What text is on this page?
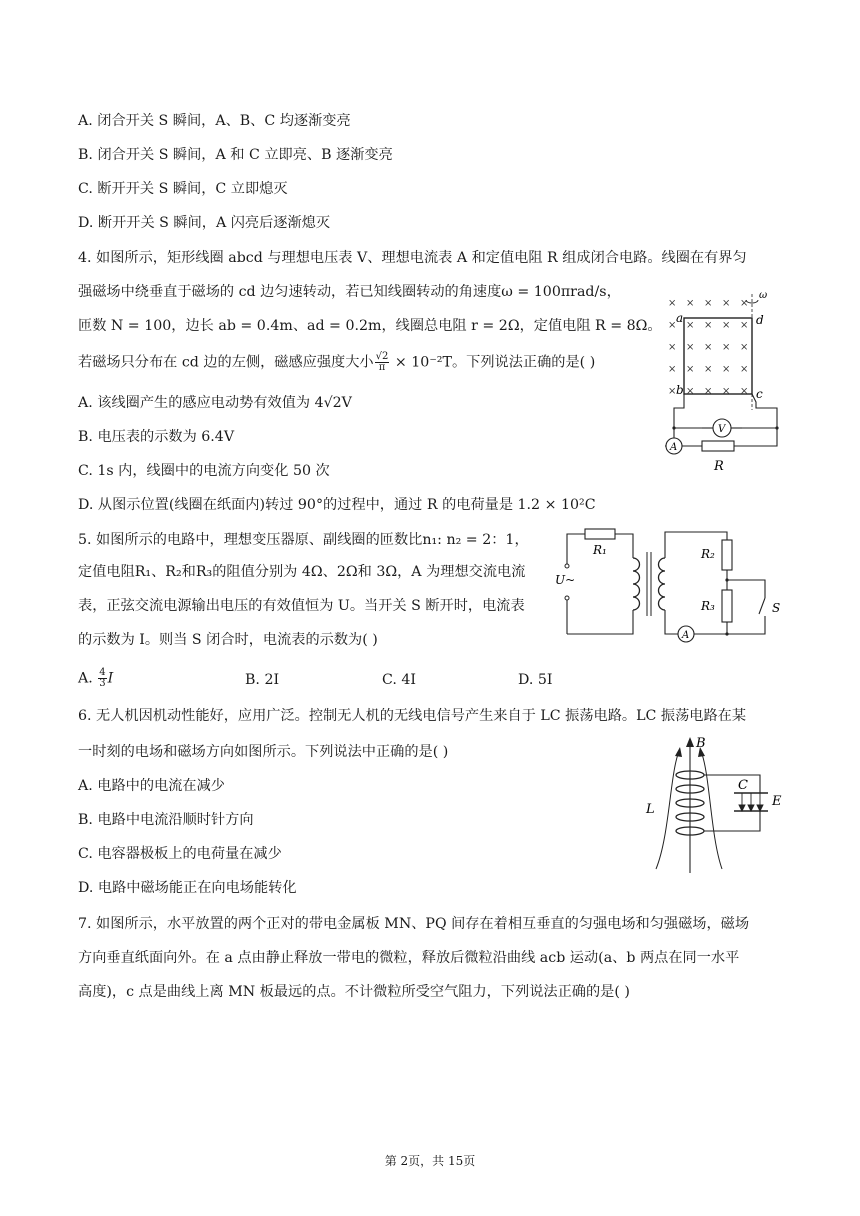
A. 闭合开关 S 瞬间，A、B、C 均逐渐变亮
B. 闭合开关 S 瞬间，A 和 C 立即亮、B 逐渐变亮
C. 断开开关 S 瞬间，C 立即熄灭
D. 断开开关 S 瞬间，A 闪亮后逐渐熄灭
4. 如图所示，矩形线圈 abcd 与理想电压表 V、理想电流表 A 和定值电阻 R 组成闭合电路。线圈在有界匀
强磁场中绕垂直于磁场的 cd 边匀速转动，若已知线圈转动的角速度ω = 100πrad/s，
匝数 N = 100，边长 ab = 0.4m、ad = 0.2m，线圈总电阻 r = 2Ω，定值电阻 R = 8Ω。
若磁场只分布在 cd 边的左侧，磁感应强度大小 $\frac{√2}{\pi} \times 10^{-2}T$。下列说法正确的是( )
A. 该线圈产生的感应电动势有效值为 4√2V
B. 电压表的示数为 6.4V
C. 1s 内，线圈中的电流方向变化 50 次
D. 从图示位置(线圈在纸面内)转过 90°的过程中，通过 R 的电荷量是 1.2 × 10²C
× × × × ×
× × × × ×
× × × × ×
× × × × ×
× × × × ×
ω
a	d
b	c
V
A
R
5. 如图所示的电路中，理想变压器原、副线圈的匝数比n₁: n₂ = 2：1，
定值电阻R₁、R₂和R₃的阻值分别为 4Ω、2Ω和 3Ω，A 为理想交流电流
表，正弦交流电源输出电压的有效值恒为 U。当开关 S 断开时，电流表
的示数为 I。则当 S 闭合时，电流表的示数为( )
A. $\frac{4}{3}$ I	B. 2I	C. 4I	D. 5I
R₁
U~
A
R₂
R₃	S
6. 无人机因机动性能好，应用广泛。控制无人机的无线电信号产生来自于 LC 振荡电路。LC 振荡电路在某
一时刻的电场和磁场方向如图所示。下列说法中正确的是( )
A. 电路中的电流在减少
B. 电路中电流沿顺时针方向
C. 电容器极板上的电荷量在减少
D. 电路中磁场能正在向电场能转化
B
L
C
E
7. 如图所示，水平放置的两个正对的带电金属板 MN、PQ 间存在着相互垂直的匀强电场和匀强磁场，磁场
方向垂直纸面向外。在 a 点由静止释放一带电的微粒，释放后微粒沿曲线 acb 运动(a、b 两点在同一水平
高度)，c 点是曲线上离 MN 板最远的点。不计微粒所受空气阻力，下列说法正确的是( )
第 2页，共 15页
